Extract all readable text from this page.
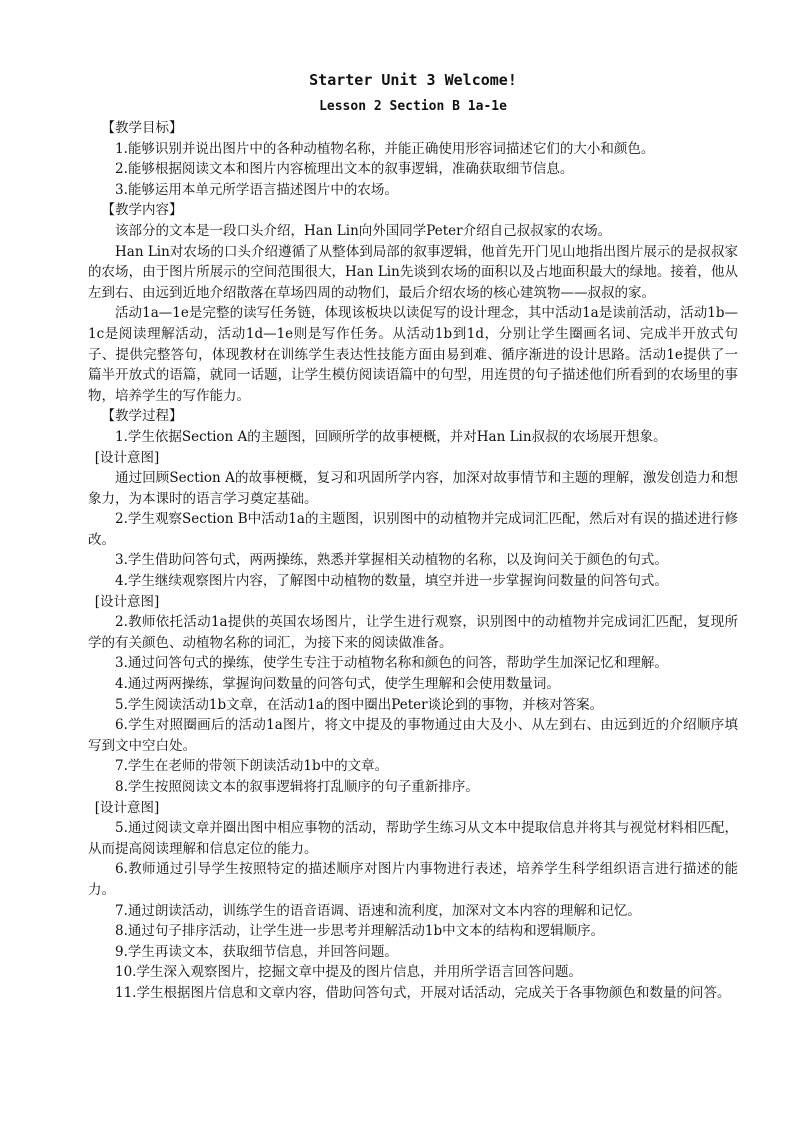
Starter Unit 3 Welcome!
Lesson 2 Section B 1a-1e

【教学目标】

1.能够识别并说出图片中的各种动植物名称，并能正确使用形容词描述它们的大小和颜色。

2.能够根据阅读文本和图片内容梳理出文本的叙事逻辑，准确获取细节信息。

3.能够运用本单元所学语言描述图片中的农场。

【教学内容】

该部分的文本是一段口头介绍，Han Lin向外国同学Peter介绍自己叔叔家的农场。

Han Lin对农场的口头介绍遵循了从整体到局部的叙事逻辑，他首先开门见山地指出图片展示的是叔叔家的农场，由于图片所展示的空间范围很大，Han Lin先谈到农场的面积以及占地面积最大的绿地。接着，他从左到右、由远到近地介绍散落在草场四周的动物们，最后介绍农场的核心建筑物——叔叔的家。

活动1a—1e是完整的读写任务链，体现该板块以读促写的设计理念，其中活动1a是读前活动，活动1b—1c是阅读理解活动，活动1d—1e则是写作任务。从活动1b到1d，分别让学生圈画名词、完成半开放式句子、提供完整答句，体现教材在训练学生表达性技能方面由易到难、循序渐进的设计思路。活动1e提供了一篇半开放式的语篇，就同一话题，让学生模仿阅读语篇中的句型，用连贯的句子描述他们所看到的农场里的事物，培养学生的写作能力。

【教学过程】

1.学生依据Section A的主题图，回顾所学的故事梗概，并对Han Lin叔叔的农场展开想象。

[设计意图]

通过回顾Section A的故事梗概，复习和巩固所学内容，加深对故事情节和主题的理解，激发创造力和想象力，为本课时的语言学习奠定基础。

2.学生观察Section B中活动1a的主题图，识别图中的动植物并完成词汇匹配，然后对有误的描述进行修改。

3.学生借助问答句式，两两操练，熟悉并掌握相关动植物的名称，以及询问关于颜色的句式。

4.学生继续观察图片内容，了解图中动植物的数量，填空并进一步掌握询问数量的问答句式。

[设计意图]

2.教师依托活动1a提供的英国农场图片，让学生进行观察，识别图中的动植物并完成词汇匹配，复现所学的有关颜色、动植物名称的词汇，为接下来的阅读做准备。

3.通过问答句式的操练，使学生专注于动植物名称和颜色的问答，帮助学生加深记忆和理解。

4.通过两两操练，掌握询问数量的问答句式，使学生理解和会使用数量词。

5.学生阅读活动1b文章，在活动1a的图中圈出Peter谈论到的事物，并核对答案。

6.学生对照圈画后的活动1a图片，将文中提及的事物通过由大及小、从左到右、由远到近的介绍顺序填写到文中空白处。

7.学生在老师的带领下朗读活动1b中的文章。

8.学生按照阅读文本的叙事逻辑将打乱顺序的句子重新排序。

[设计意图]

5.通过阅读文章并圈出图中相应事物的活动，帮助学生练习从文本中提取信息并将其与视觉材料相匹配，从而提高阅读理解和信息定位的能力。

6.教师通过引导学生按照特定的描述顺序对图片内事物进行表述，培养学生科学组织语言进行描述的能力。

7.通过朗读活动，训练学生的语音语调、语速和流利度，加深对文本内容的理解和记忆。

8.通过句子排序活动，让学生进一步思考并理解活动1b中文本的结构和逻辑顺序。

9.学生再读文本，获取细节信息，并回答问题。

10.学生深入观察图片，挖掘文章中提及的图片信息，并用所学语言回答问题。

11.学生根据图片信息和文章内容，借助问答句式，开展对话活动，完成关于各事物颜色和数量的问答。
